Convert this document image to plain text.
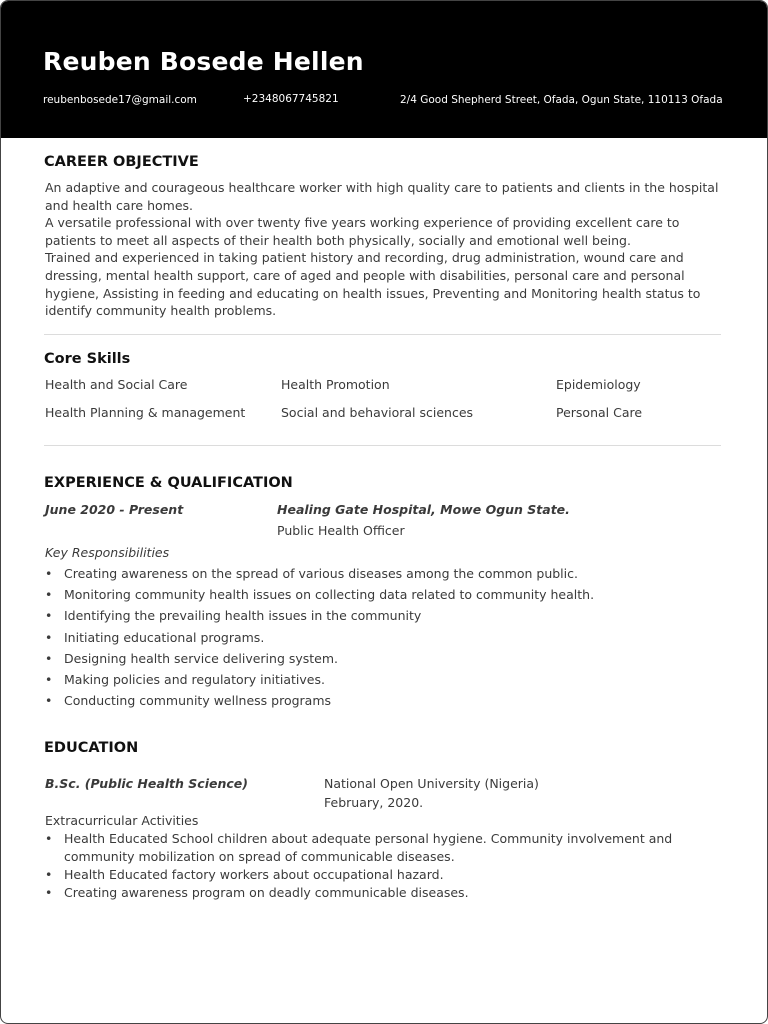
Reuben Bosede Hellen
reubenbosede17@gmail.com	+2348067745821	2/4 Good Shepherd Street, Ofada, Ogun State, 110113 Ofada
CAREER OBJECTIVE

An adaptive and courageous healthcare worker with high quality care to patients and clients in the hospital and health care homes.

A versatile professional with over twenty five years working experience of providing excellent care to patients to meet all aspects of their health both physically, socially and emotional well being.

Trained and experienced in taking patient history and recording, drug administration, wound care and dressing, mental health support, care of aged and people with disabilities, personal care and personal hygiene, Assisting in feeding and educating on health issues, Preventing and Monitoring health status to identify community health problems.

Core Skills
Health and Social Care	Health Promotion	Epidemiology
Health Planning & management	Social and behavioral sciences	Personal Care
EXPERIENCE & QUALIFICATION
June 2020 - Present	Healing Gate Hospital, Mowe Ogun State.
Public Health Officer
Key Responsibilities
• Creating awareness on the spread of various diseases among the common public.
• Monitoring community health issues on collecting data related to community health.
• Identifying the prevailing health issues in the community
• Initiating educational programs.
• Designing health service delivering system.
• Making policies and regulatory initiatives.
• Conducting community wellness programs
EDUCATION
B.Sc. (Public Health Science)	National Open University (Nigeria)
February, 2020.
Extracurricular Activities
• Health Educated School children about adequate personal hygiene. Community involvement and community mobilization on spread of communicable diseases.
• Health Educated factory workers about occupational hazard.
• Creating awareness program on deadly communicable diseases.
